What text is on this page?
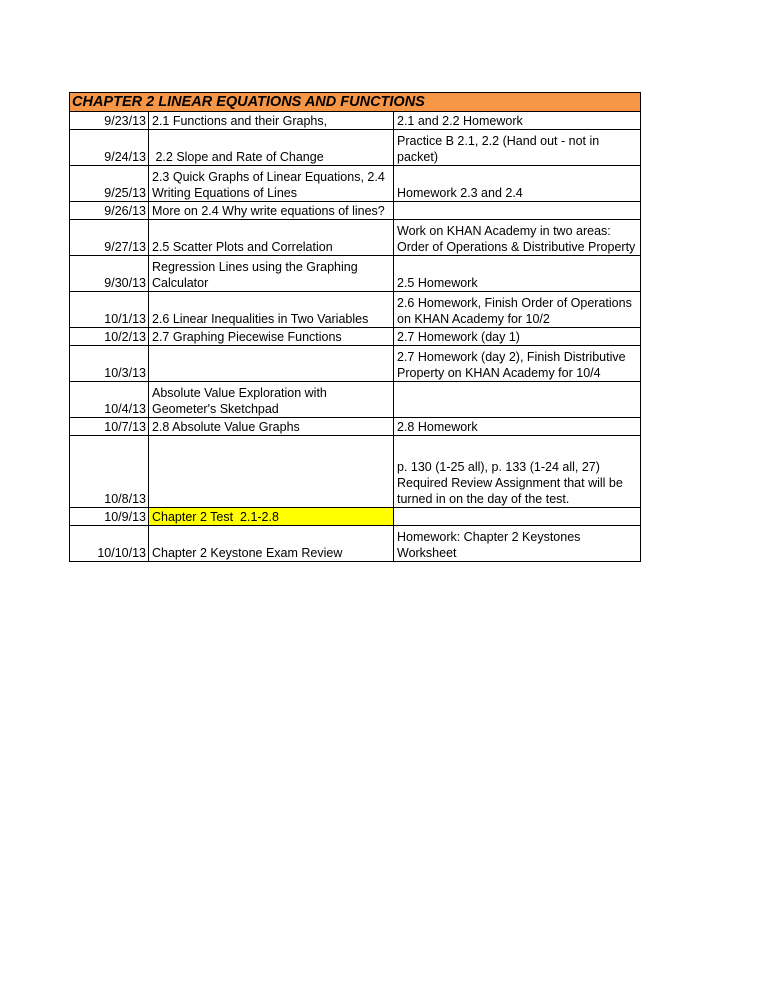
CHAPTER 2 LINEAR EQUATIONS AND FUNCTIONS		
9/23/13	2.1 Functions and their Graphs,	2.1 and 2.2 Homework
9/24/13	2.2 Slope and Rate of Change	Practice B 2.1, 2.2 (Hand out - not in packet)
9/25/13	2.3 Quick Graphs of Linear Equations, 2.4 Writing Equations of Lines	Homework 2.3 and 2.4
9/26/13	More on 2.4 Why write equations of lines?	
9/27/13	2.5 Scatter Plots and Correlation	Work on KHAN Academy in two areas: Order of Operations & Distributive Property
9/30/13	Regression Lines using the Graphing Calculator	2.5 Homework
10/1/13	2.6 Linear Inequalities in Two Variables	2.6 Homework, Finish Order of Operations on KHAN Academy for 10/2
10/2/13	2.7 Graphing Piecewise Functions	2.7 Homework (day 1)
10/3/13		2.7 Homework (day 2), Finish Distributive Property on KHAN Academy for 10/4
10/4/13	Absolute Value Exploration with Geometer's Sketchpad	
10/7/13	2.8 Absolute Value Graphs	2.8 Homework
10/8/13		p. 130 (1-25 all), p. 133 (1-24 all, 27) Required Review Assignment that will be turned in on the day of the test.
10/9/13	Chapter 2 Test  2.1-2.8	
10/10/13	Chapter 2 Keystone Exam Review	Homework: Chapter 2 Keystones Worksheet
